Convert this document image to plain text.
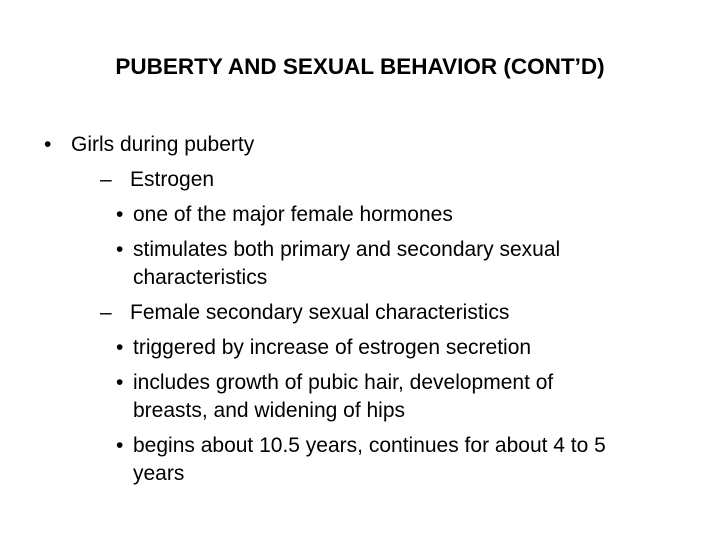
PUBERTY AND SEXUAL BEHAVIOR (CONT’D)
• Girls during puberty
– Estrogen
• one of the major female hormones
• stimulates both primary and secondary sexual
characteristics
– Female secondary sexual characteristics
• triggered by increase of estrogen secretion
• includes growth of pubic hair, development of
breasts, and widening of hips
• begins about 10.5 years, continues for about 4 to 5
years
